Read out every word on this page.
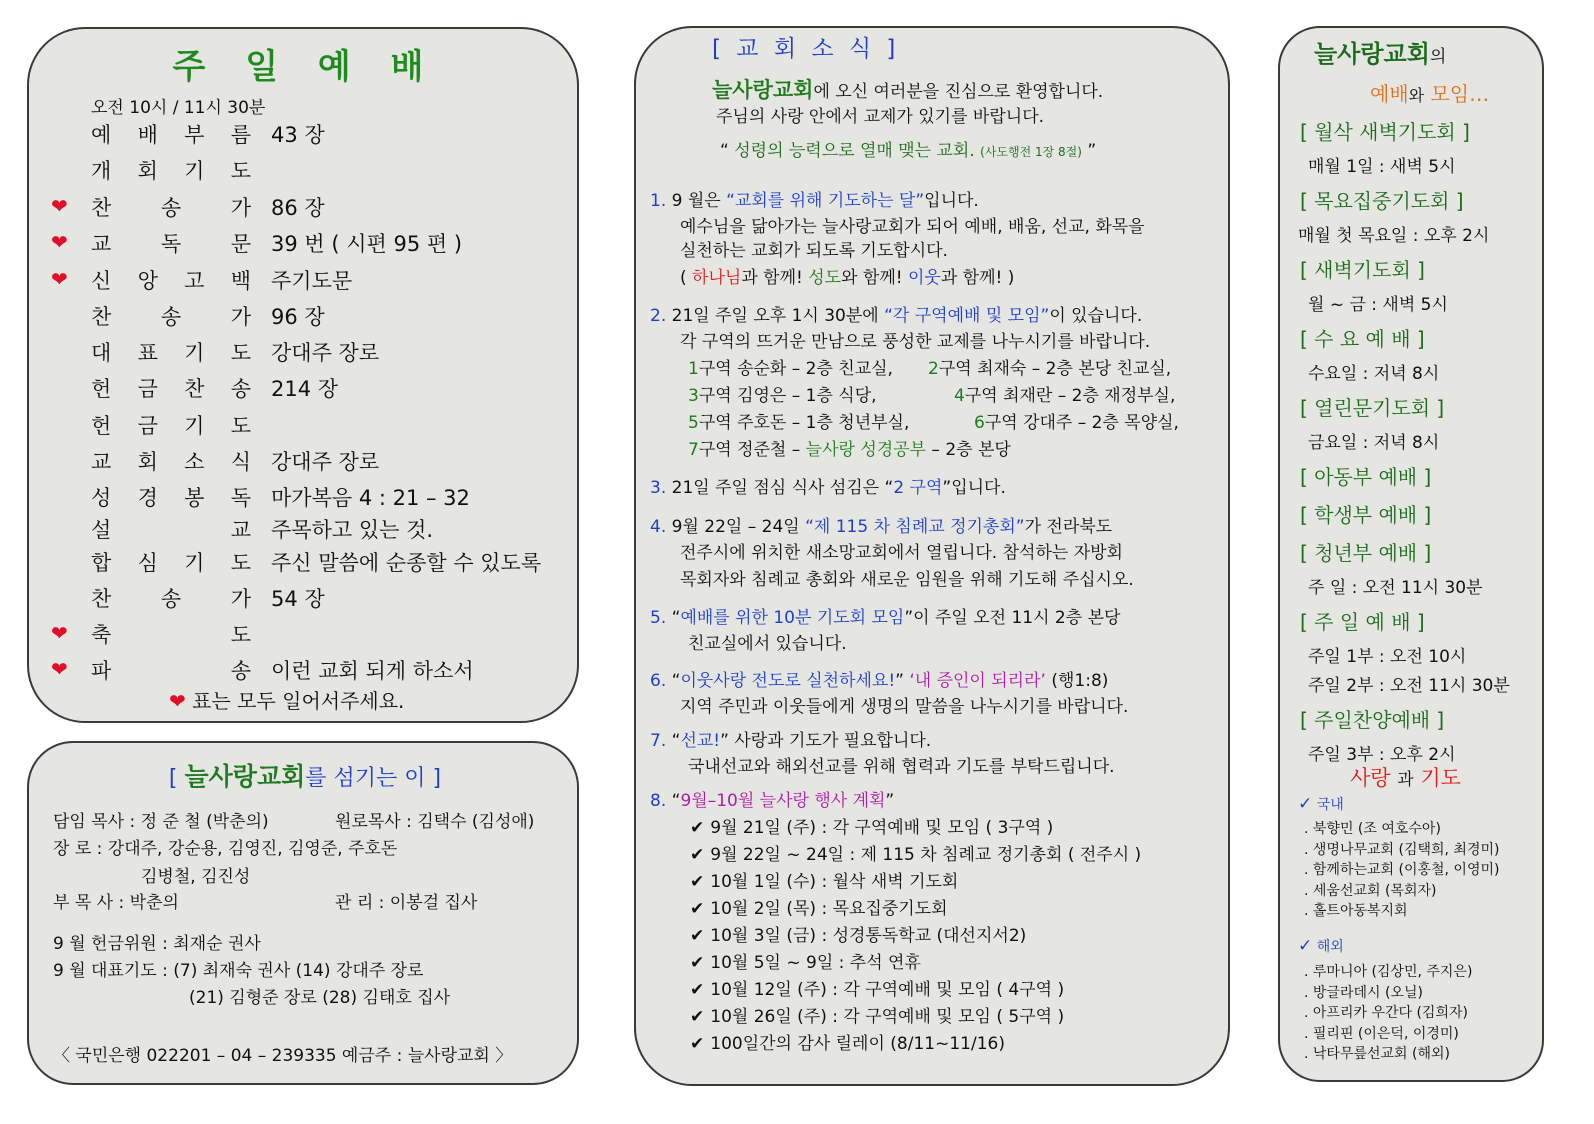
주 일 예 배
오전 10시 / 11시 30분
예 배 부 름 43 장
개 회 기 도
❤ 찬 송 가 86 장
❤ 교 독 문 39 번 ( 시편 95 편 )
❤ 신 앙 고 백 주기도문
찬 송 가 96 장
대 표 기 도 강대주 장로
헌 금 찬 송 214 장
헌 금 기 도
교 회 소 식 강대주 장로
성 경 봉 독 마가복음 4 : 21 – 32
설	교 주목하고 있는 것.
합 심 기 도 주신 말씀에 순종할 수 있도록
찬 송 가 54 장
❤ 축	도
❤ 파	송 이런 교회 되게 하소서
❤ 표는 모두 일어서주세요.
[ 늘사랑교회를 섬기는 이 ]
담임 목사 : 정 준 철 (박춘의)	원로목사 : 김택수 (김성애)
장 로 : 강대주, 강순용, 김영진, 김영준, 주호돈
김병철, 김진성
부 목 사 : 박춘의	관 리 : 이봉걸 집사
9 월 헌금위원 : 최재순 권사
9 월 대표기도 : (7) 최재숙 권사 (14) 강대주 장로
(21) 김형준 장로 (28) 김태호 집사
〈 국민은행 022201 – 04 – 239335 예금주 : 늘사랑교회 〉
[ 교 회 소 식 ]
늘사랑교회에 오신 여러분을 진심으로 환영합니다.
주님의 사랑 안에서 교제가 있기를 바랍니다.
“ 성령의 능력으로 열매 맺는 교회. (사도행전 1장 8절) ”
1. 9 월은 “교회를 위해 기도하는 달”입니다.
예수님을 닮아가는 늘사랑교회가 되어 예배, 배움, 선교, 화목을
실천하는 교회가 되도록 기도합시다.
( 하나님과 함께! 성도와 함께! 이웃과 함께! )
2. 21일 주일 오후 1시 30분에 “각 구역예배 및 모임”이 있습니다.
각 구역의 뜨거운 만남으로 풍성한 교제를 나누시기를 바랍니다.
1구역 송순화 – 2층 친교실, 2구역 최재숙 – 2층 본당 친교실,
3구역 김영은 – 1층 식당,	4구역 최재란 – 2층 재정부실,
5구역 주호돈 – 1층 청년부실,	6구역 강대주 – 2층 목양실,
7구역 정준철 – 늘사랑 성경공부 – 2층 본당
3. 21일 주일 점심 식사 섬김은 “2 구역”입니다.
4. 9월 22일 – 24일 “제 115 차 침례교 정기총회”가 전라북도
전주시에 위치한 새소망교회에서 열립니다. 참석하는 자방회
목회자와 침례교 총회와 새로운 임원을 위해 기도해 주십시오.
5. “예배를 위한 10분 기도회 모임”이 주일 오전 11시 2층 본당
친교실에서 있습니다.
6. “이웃사랑 전도로 실천하세요!” ‘내 증인이 되리라’ (행1:8)
지역 주민과 이웃들에게 생명의 말씀을 나누시기를 바랍니다.
7. “선교!” 사랑과 기도가 필요합니다.
국내선교와 해외선교를 위해 협력과 기도를 부탁드립니다.
8. “9월–10월 늘사랑 행사 계획”
✔ 9월 21일 (주) : 각 구역예배 및 모임 ( 3구역 )
✔ 9월 22일 ~ 24일 : 제 115 차 침례교 정기총회 ( 전주시 )
✔ 10월 1일 (수) : 월삭 새벽 기도회
✔ 10월 2일 (목) : 목요집중기도회
✔ 10월 3일 (금) : 성경통독학교 (대선지서2)
✔ 10월 5일 ~ 9일 : 추석 연휴
✔ 10월 12일 (주) : 각 구역예배 및 모임 ( 4구역 )
✔ 10월 26일 (주) : 각 구역예배 및 모임 ( 5구역 )
✔ 100일간의 감사 릴레이 (8/11~11/16)
늘사랑교회의
예배와 모임…
[ 월삭 새벽기도회 ]
매월 1일 : 새벽 5시
[ 목요집중기도회 ]
매월 첫 목요일 : 오후 2시
[ 새벽기도회 ]
월 ~ 금 : 새벽 5시
[ 수 요 예 배 ]
수요일 : 저녁 8시
[ 열린문기도회 ]
금요일 : 저녁 8시
[ 아동부 예배 ]
[ 학생부 예배 ]
[ 청년부 예배 ]
주 일 : 오전 11시 30분
[ 주 일 예 배 ]
주일 1부 : 오전 10시
주일 2부 : 오전 11시 30분
[ 주일찬양예배 ]
주일 3부 : 오후 2시
사랑 과 기도
✓ 국내
. 북향민 (조 여호수아)
. 생명나무교회 (김택희, 최경미)
. 함께하는교회 (이홍철, 이영미)
. 세움선교회 (목회자)
. 홀트아동복지회
✓ 해외
. 루마니아 (김상민, 주지은)
. 방글라데시 (오닐)
. 아프리카 우간다 (김희자)
. 필리핀 (이은덕, 이경미)
. 낙타무릎선교회 (해외)
